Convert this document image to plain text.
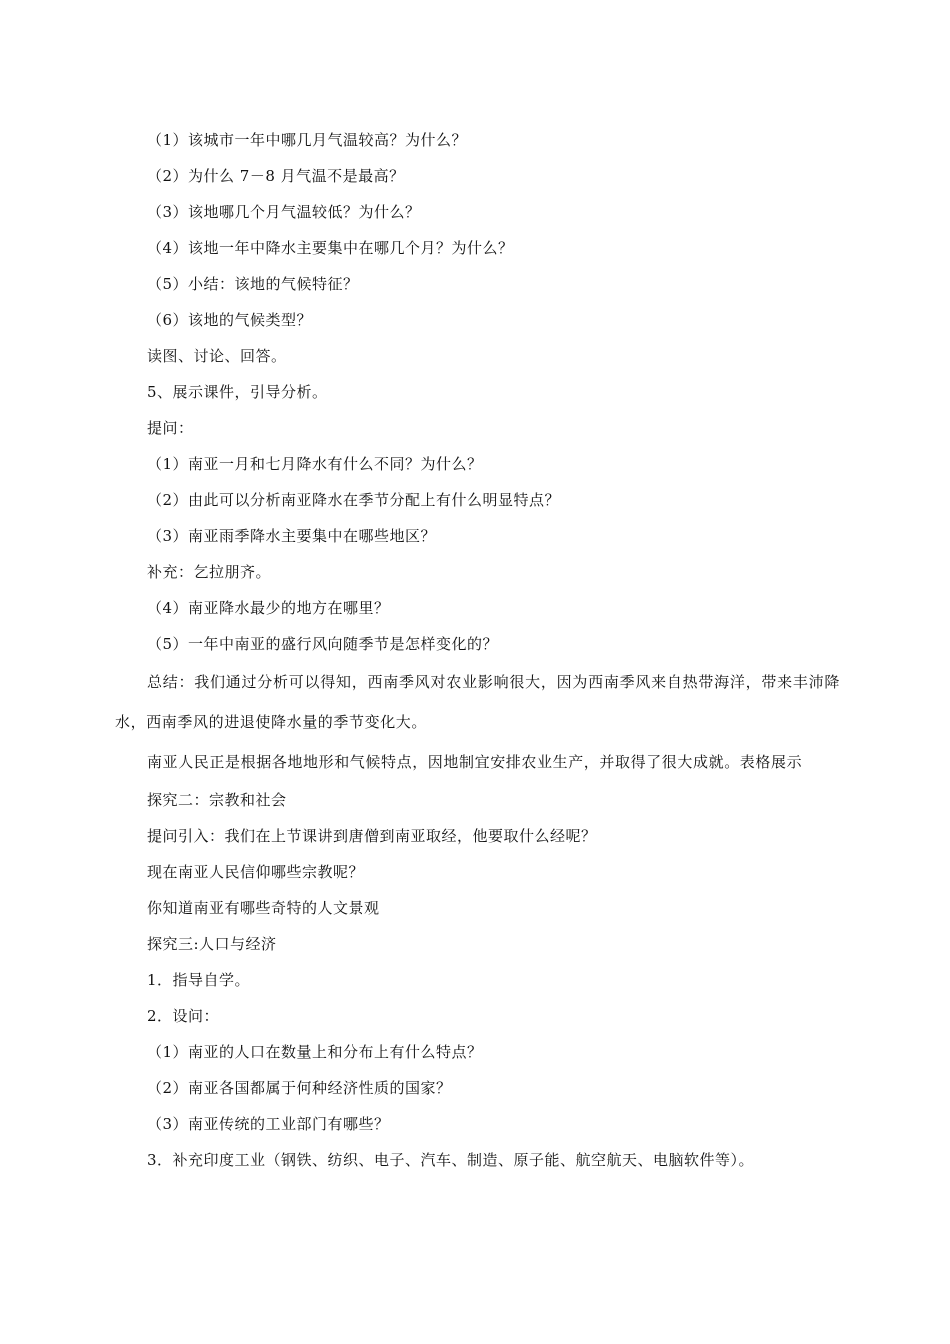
（1）该城市一年中哪几月气温较高？为什么？
（2）为什么 7－8 月气温不是最高？
（3）该地哪几个月气温较低？为什么？
（4）该地一年中降水主要集中在哪几个月？为什么？
（5）小结：该地的气候特征？
（6）该地的气候类型？
读图、讨论、回答。
5、展示课件，引导分析。
提问：
（1）南亚一月和七月降水有什么不同？为什么？
（2）由此可以分析南亚降水在季节分配上有什么明显特点？
（3）南亚雨季降水主要集中在哪些地区？
补充：乞拉朋齐。
（4）南亚降水最少的地方在哪里？
（5）一年中南亚的盛行风向随季节是怎样变化的？
总结：我们通过分析可以得知，西南季风对农业影响很大，因为西南季风来自热带海洋，带来丰沛降水，西南季风的进退使降水量的季节变化大。
南亚人民正是根据各地地形和气候特点，因地制宜安排农业生产，并取得了很大成就。表格展示
探究二：宗教和社会
提问引入：我们在上节课讲到唐僧到南亚取经，他要取什么经呢？
现在南亚人民信仰哪些宗教呢？
你知道南亚有哪些奇特的人文景观
探究三:人口与经济
1．指导自学。
2．设问：
（1）南亚的人口在数量上和分布上有什么特点？
（2）南亚各国都属于何种经济性质的国家？
（3）南亚传统的工业部门有哪些？
3．补充印度工业（钢铁、纺织、电子、汽车、制造、原子能、航空航天、电脑软件等）。
